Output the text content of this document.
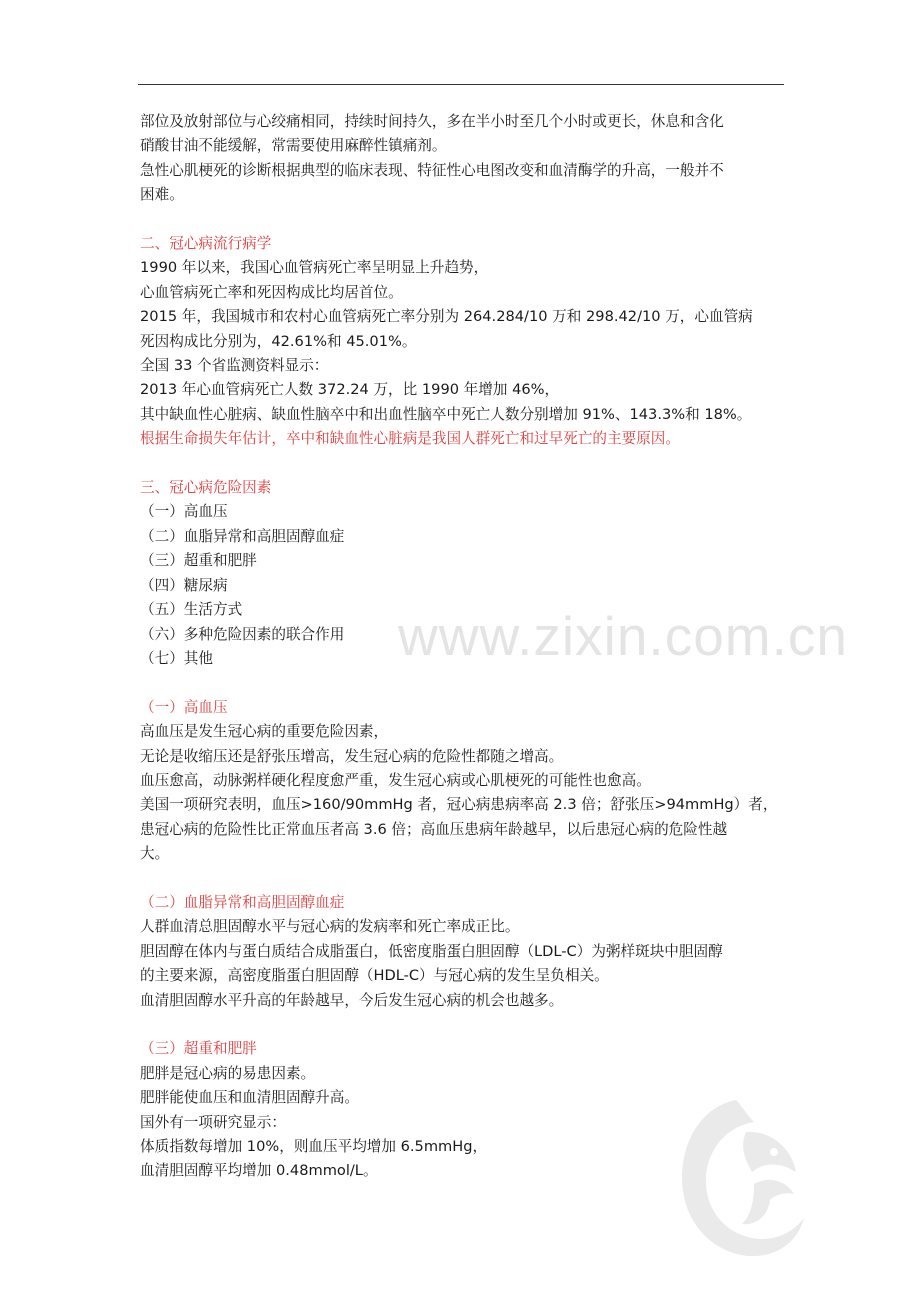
部位及放射部位与心绞痛相同，持续时间持久，多在半小时至几个小时或更长，休息和含化

硝酸甘油不能缓解，常需要使用麻醉性镇痛剂。

急性心肌梗死的诊断根据典型的临床表现、特征性心电图改变和血清酶学的升高，一般并不

困难。

二、冠心病流行病学

1990 年以来，我国心血管病死亡率呈明显上升趋势，

心血管病死亡率和死因构成比均居首位。

2015 年，我国城市和农村心血管病死亡率分别为 264.284/10 万和 298.42/10 万，心血管病

死因构成比分别为，42.61%和 45.01%。

全国 33 个省监测资料显示：

2013 年心血管病死亡人数 372.24 万，比 1990 年增加 46%，

其中缺血性心脏病、缺血性脑卒中和出血性脑卒中死亡人数分别增加 91%、143.3%和 18%。

根据生命损失年估计，卒中和缺血性心脏病是我国人群死亡和过早死亡的主要原因。

三、冠心病危险因素

（一）高血压

（二）血脂异常和高胆固醇血症

（三）超重和肥胖

（四）糖尿病

（五）生活方式

（六）多种危险因素的联合作用

（七）其他

（一）高血压

高血压是发生冠心病的重要危险因素，

无论是收缩压还是舒张压增高，发生冠心病的危险性都随之增高。

血压愈高，动脉粥样硬化程度愈严重，发生冠心病或心肌梗死的可能性也愈高。

美国一项研究表明，血压>160/90mmHg 者，冠心病患病率高 2.3 倍；舒张压>94mmHg）者，

患冠心病的危险性比正常血压者高 3.6 倍；高血压患病年龄越早，以后患冠心病的危险性越

大。

（二）血脂异常和高胆固醇血症

人群血清总胆固醇水平与冠心病的发病率和死亡率成正比。

胆固醇在体内与蛋白质结合成脂蛋白，低密度脂蛋白胆固醇（LDL-C）为粥样斑块中胆固醇

的主要来源，高密度脂蛋白胆固醇（HDL-C）与冠心病的发生呈负相关。

血清胆固醇水平升高的年龄越早，今后发生冠心病的机会也越多。

（三）超重和肥胖

肥胖是冠心病的易患因素。

肥胖能使血压和血清胆固醇升高。

国外有一项研究显示：

体质指数每增加 10%，则血压平均增加 6.5mmHg，

血清胆固醇平均增加 0.48mmol/L。

www.zixin.com.cn
